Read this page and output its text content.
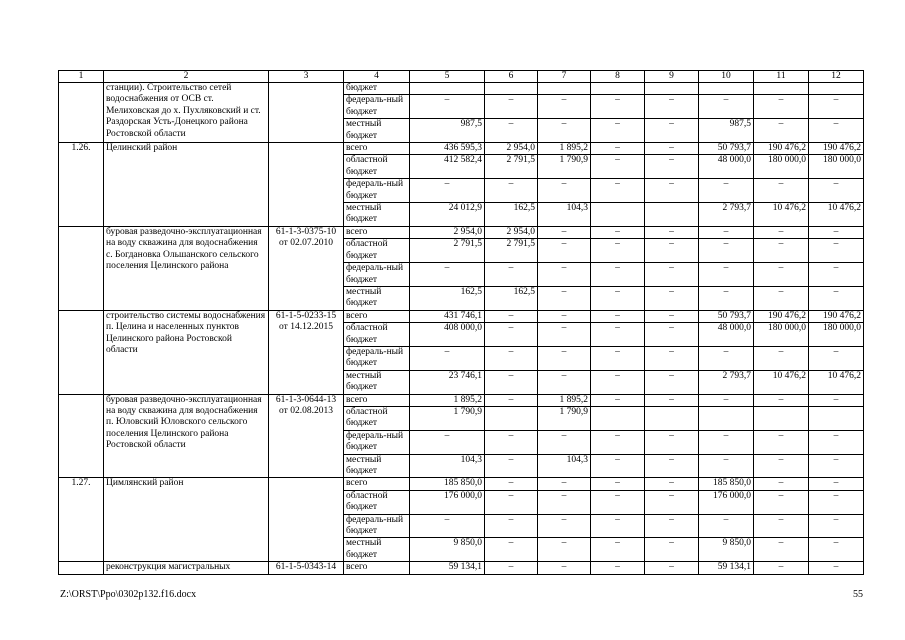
1	2	3	4	5	6	7	8	9	10	11	12
	станции). Строительство сетей водоснабжения от ОСВ ст. Мелиховская до х. Пухляковский и ст. Раздорская Усть-Донецкого района Ростовской области		бюджет								
			федераль-ный бюджет	–	–	–	–	–	–	–	–
			местный бюджет	987,5	–	–	–	–	987,5	–	–
1.26.	Целинский район		всего	436 595,3	2 954,0	1 895,2	–	–	50 793,7	190 476,2	190 476,2
			областной бюджет	412 582,4	2 791,5	1 790,9	–	–	48 000,0	180 000,0	180 000,0
			федераль-ный бюджет	–	–	–	–	–	–	–	–
			местный бюджет	24 012,9	162,5	104,3			2 793,7	10 476,2	10 476,2
	буровая разведочно-эксплуатационная на воду скважина для водоснабжения с. Богдановка Ольшанского сельского поселения Целинского района	61-1-3-0375-10 от 02.07.2010	всего	2 954,0	2 954,0	–	–	–	–	–	–
			областной бюджет	2 791,5	2 791,5	–	–	–	–	–	–
			федераль-ный бюджет	–	–	–	–	–	–	–	–
			местный бюджет	162,5	162,5	–	–	–	–	–	–
	строительство системы водоснабжения п. Целина и населенных пунктов Целинского района Ростовской области	61-1-5-0233-15 от 14.12.2015	всего	431 746,1	–	–	–	–	50 793,7	190 476,2	190 476,2
			областной бюджет	408 000,0	–	–	–	–	48 000,0	180 000,0	180 000,0
			федераль-ный бюджет	–	–	–	–	–	–	–	–
			местный бюджет	23 746,1	–	–	–	–	2 793,7	10 476,2	10 476,2
	буровая разведочно-эксплуатационная на воду скважина для водоснабжения п. Юловский Юловского сельского поселения Целинского района Ростовской области	61-1-3-0644-13 от 02.08.2013	всего	1 895,2	–	1 895,2	–	–	–	–	–
			областной бюджет	1 790,9		1 790,9					
			федераль-ный бюджет	–	–	–	–	–	–	–	–
			местный бюджет	104,3	–	104,3	–	–	–	–	–
1.27.	Цимлянский район		всего	185 850,0	–	–	–	–	185 850,0	–	–
			областной бюджет	176 000,0	–	–	–	–	176 000,0	–	–
			федераль-ный бюджет	–	–	–	–	–	–	–	–
			местный бюджет	9 850,0	–	–	–	–	9 850,0	–	–
	реконструкция магистральных	61-1-5-0343-14	всего	59 134,1	–	–	–	–	59 134,1	–	–
Z:\ORST\Ppo\0302p132.f16.docx	55
